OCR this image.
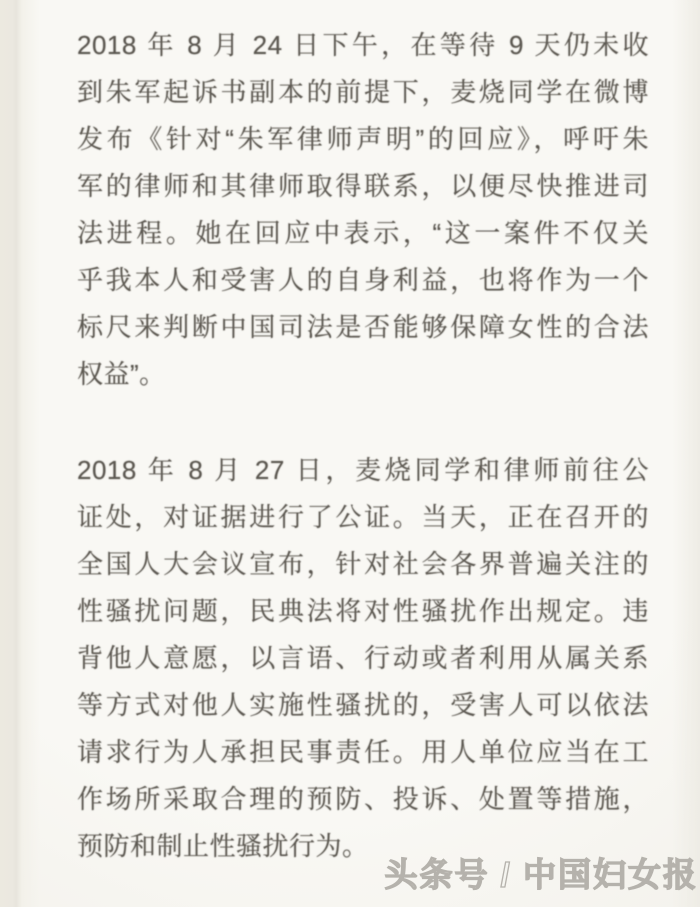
2018 年 8 月 24 日下午，在等待 9 天仍未收
到朱军起诉书副本的前提下，麦烧同学在微博
发布《针对“朱军律师声明”的回应》，呼吁朱
军的律师和其律师取得联系，以便尽快推进司
法进程。她在回应中表示，“这一案件不仅关
乎我本人和受害人的自身利益，也将作为一个
标尺来判断中国司法是否能够保障女性的合法
权益”。
2018 年 8 月 27 日，麦烧同学和律师前往公
证处，对证据进行了公证。当天，正在召开的
全国人大会议宣布，针对社会各界普遍关注的
性骚扰问题，民典法将对性骚扰作出规定。违
背他人意愿，以言语、行动或者利用从属关系
等方式对他人实施性骚扰的，受害人可以依法
请求行为人承担民事责任。用人单位应当在工
作场所采取合理的预防、投诉、处置等措施，
预防和制止性骚扰行为。
头条号 / 中国妇女报
